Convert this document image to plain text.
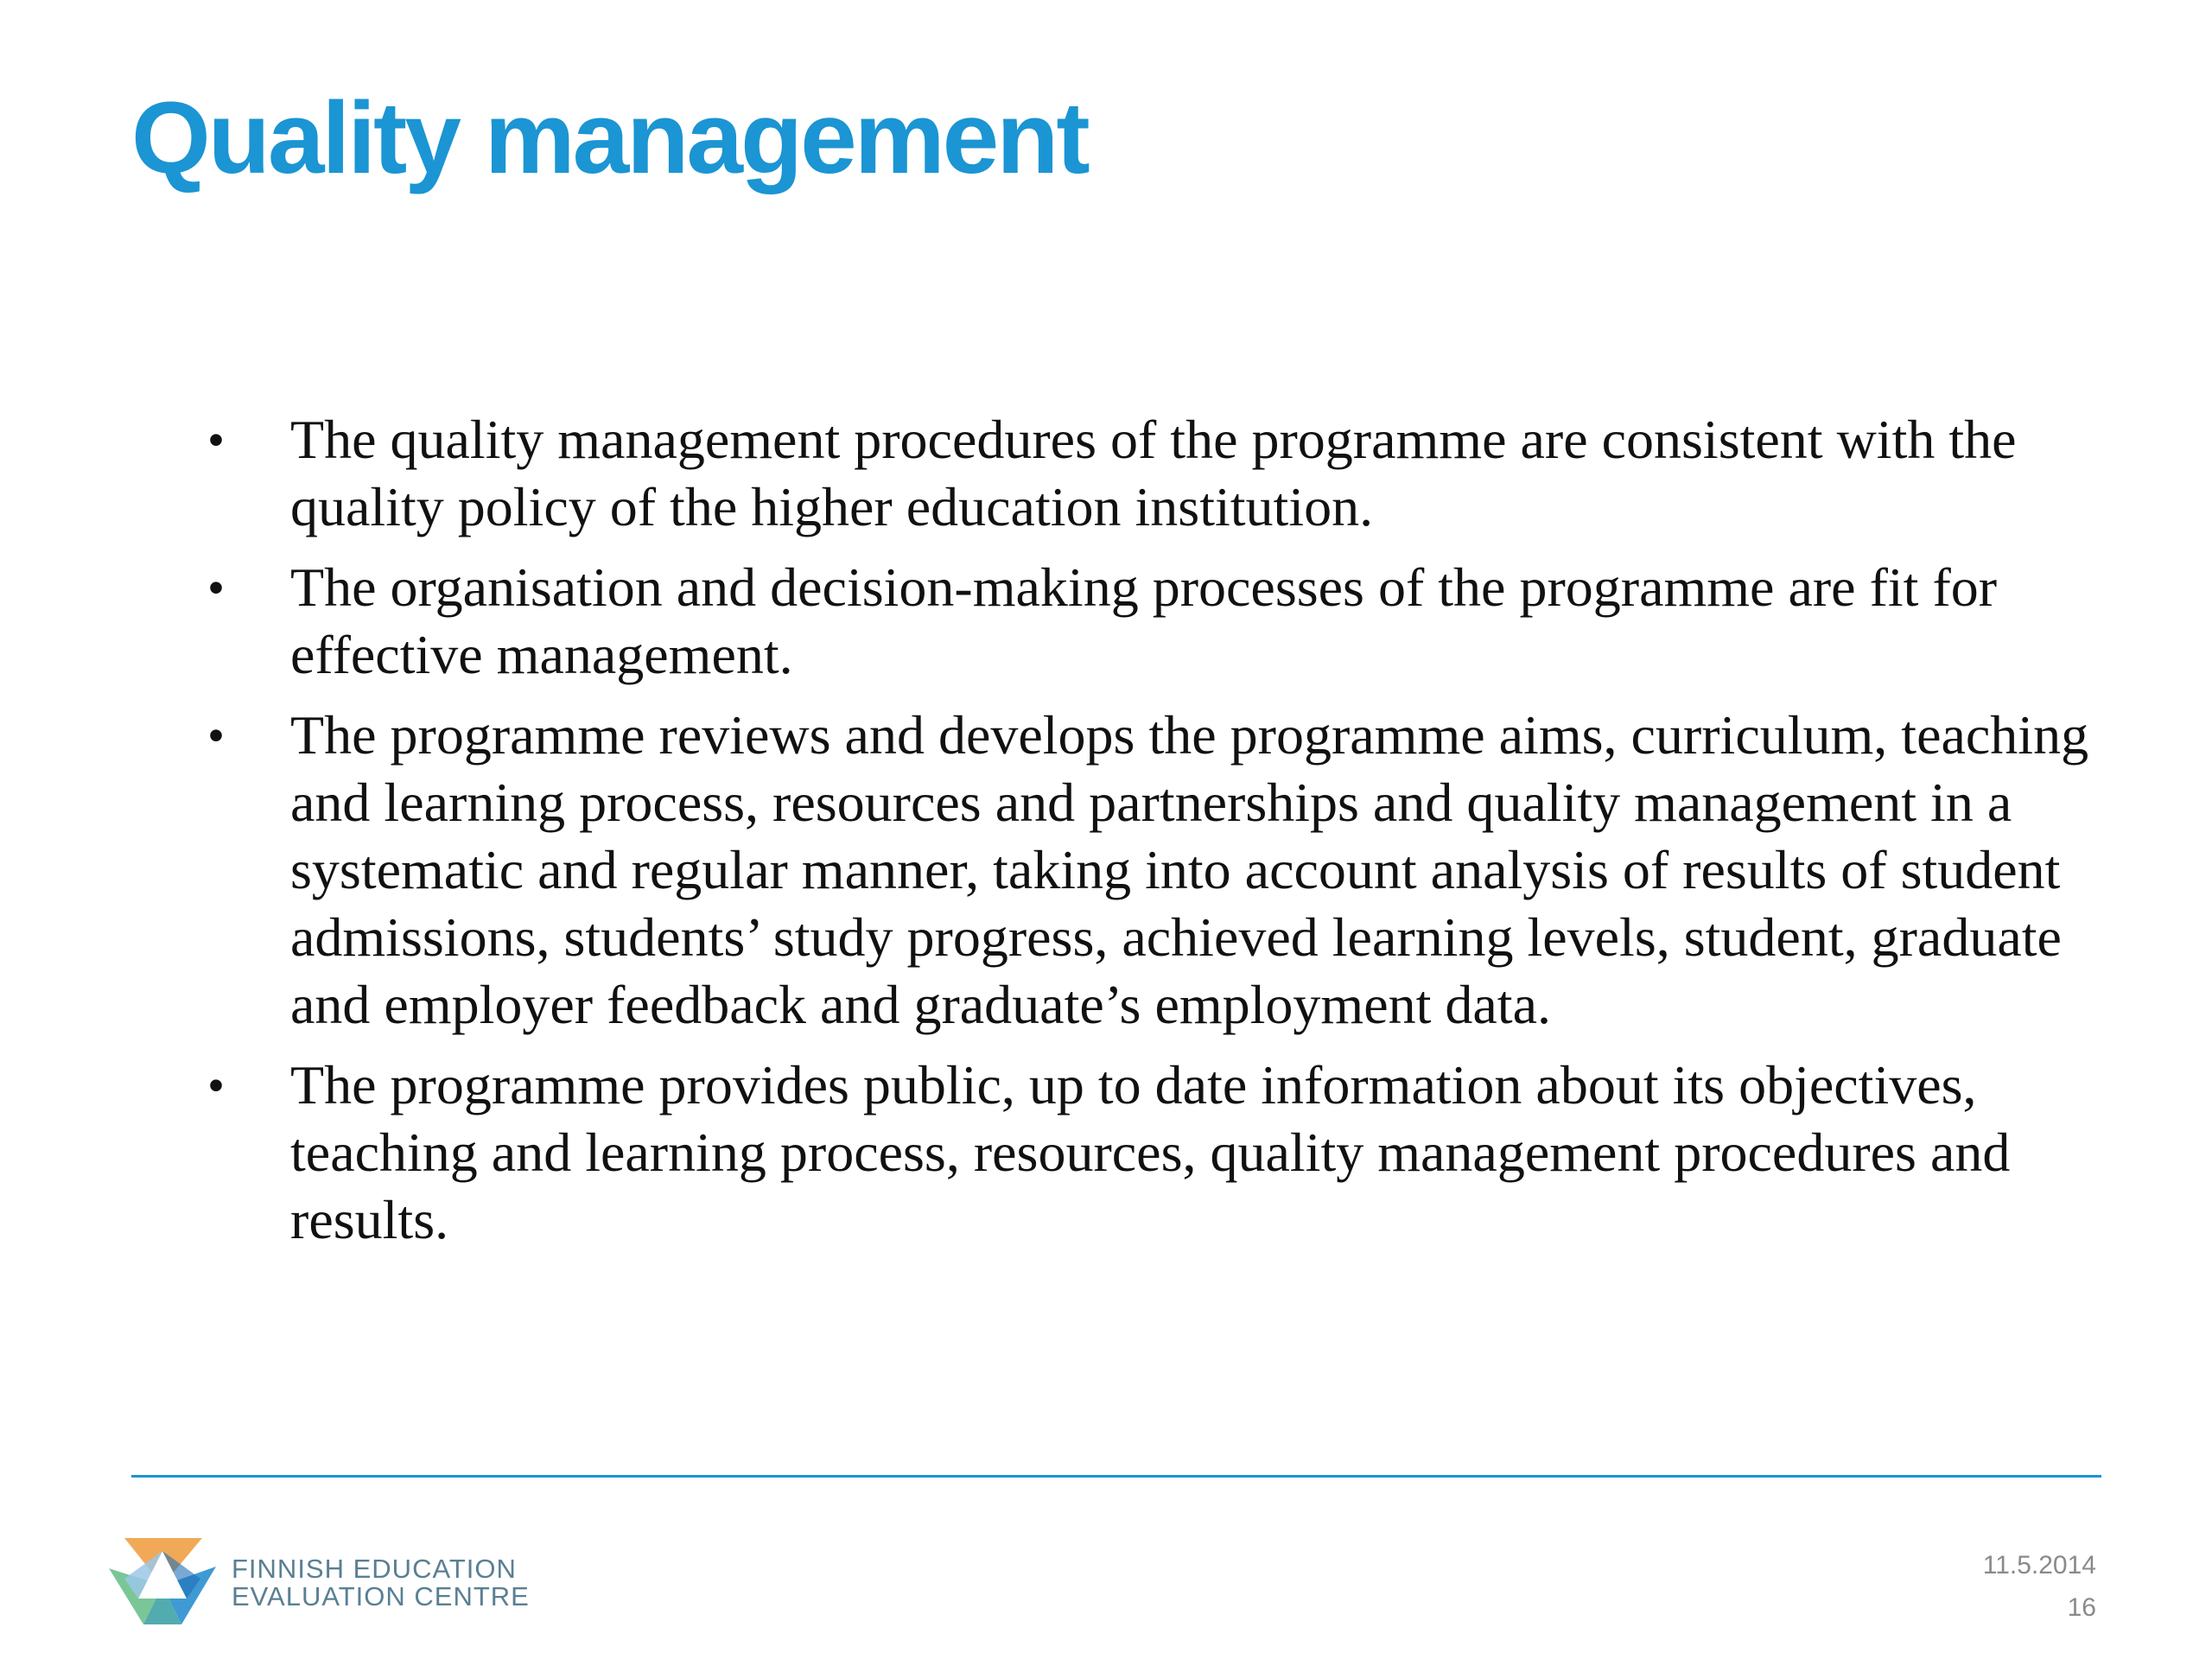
Quality management
• The quality management procedures of the programme are consistent with the quality policy of the higher education institution.
• The organisation and decision-making processes of the programme are fit for effective management.
• The programme reviews and develops the programme aims, curriculum, teaching and learning process, resources and partnerships and quality management in a systematic and regular manner, taking into account analysis of results of student admissions, students’ study progress, achieved learning levels, student, graduate and employer feedback and graduate’s employment data.
• The programme provides public, up to date information about its objectives, teaching and learning process, resources, quality management procedures and results.
FINNISH EDUCATION
EVALUATION CENTRE
11.5.2014
16
